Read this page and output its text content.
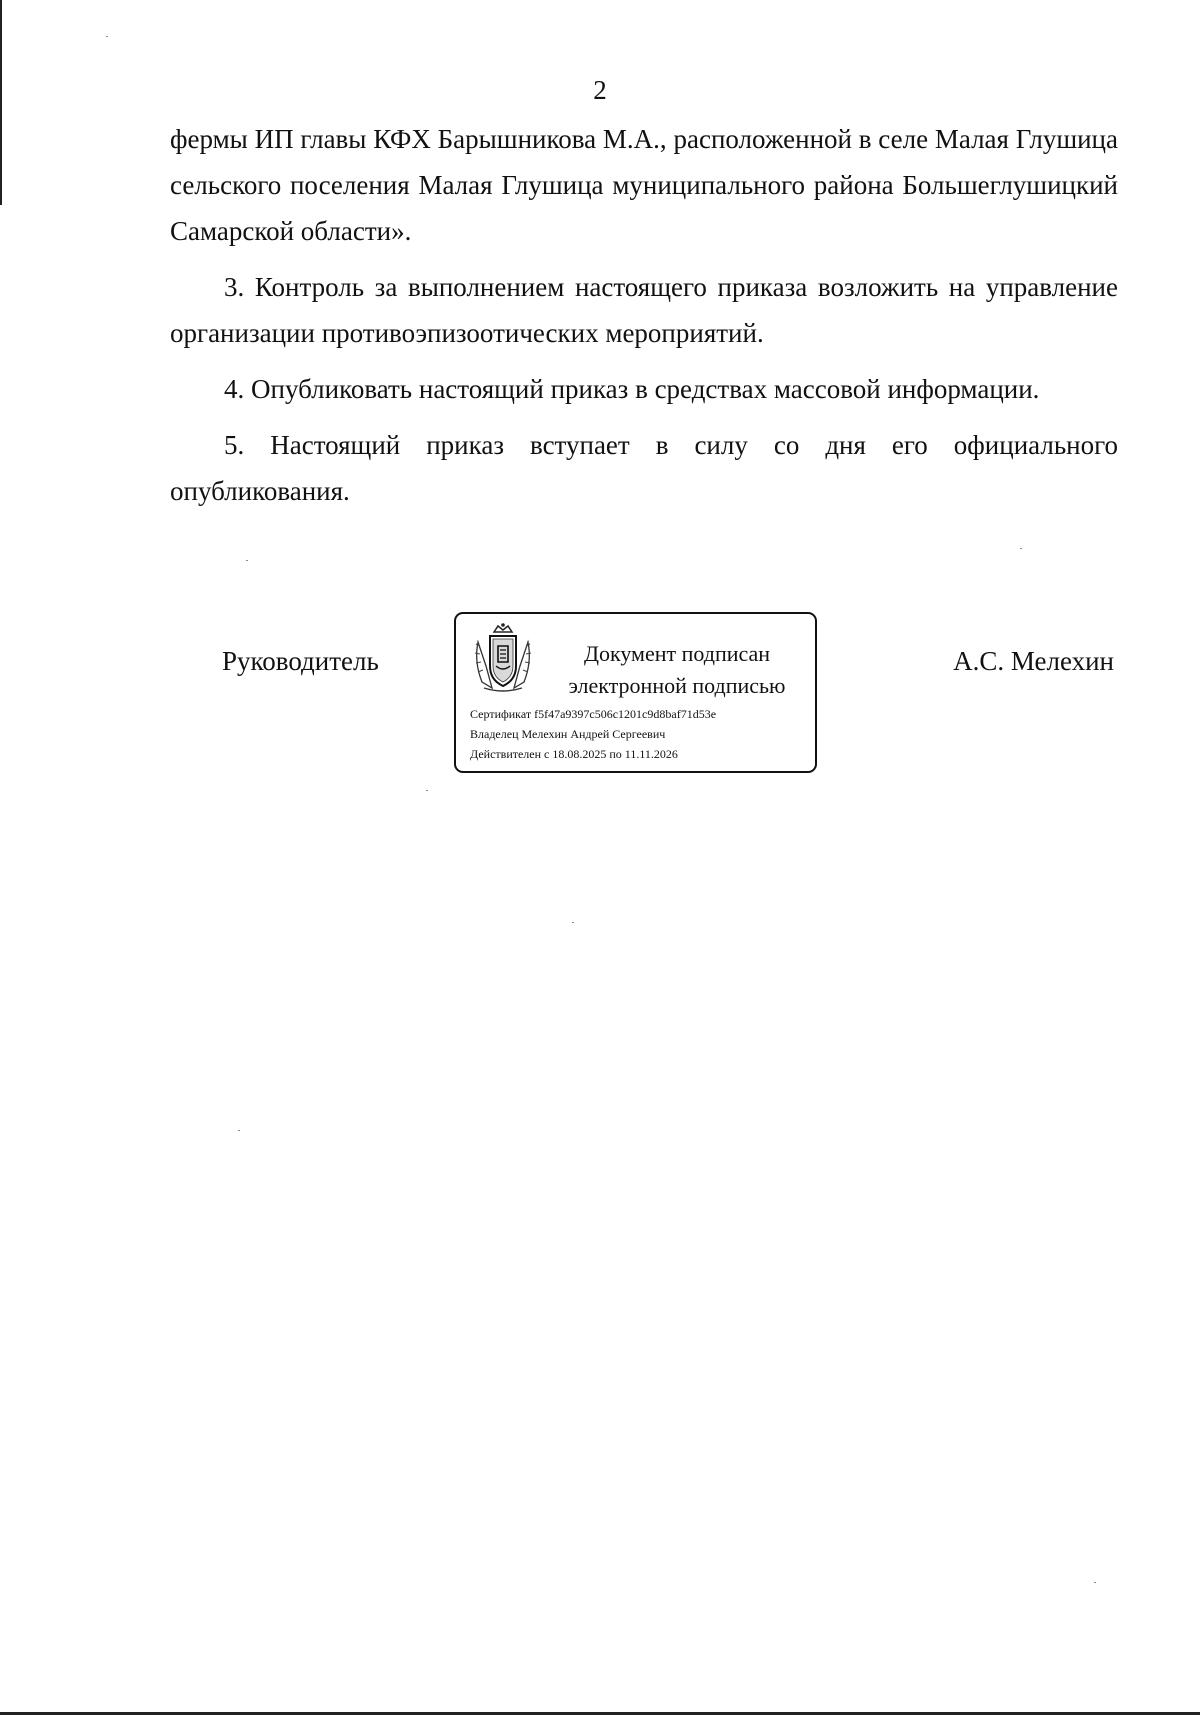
2

фермы ИП главы КФХ Барышникова М.А., расположенной в селе Малая Глушица сельского поселения Малая Глушица муниципального района Большеглушицкий Самарской области».

3. Контроль за выполнением настоящего приказа возложить на управление организации противоэпизоотических мероприятий.

4. Опубликовать настоящий приказ в средствах массовой информации.

5. Настоящий приказ вступает в силу со дня его официального опубликования.

Руководитель	Документ подписан
электронной подписью
Сертификат f5f47a9397c506c1201c9d8baf71d53e
Владелец Мелехин Андрей Сергеевич
Действителен с 18.08.2025 по 11.11.2026
А.С. Мелехин
